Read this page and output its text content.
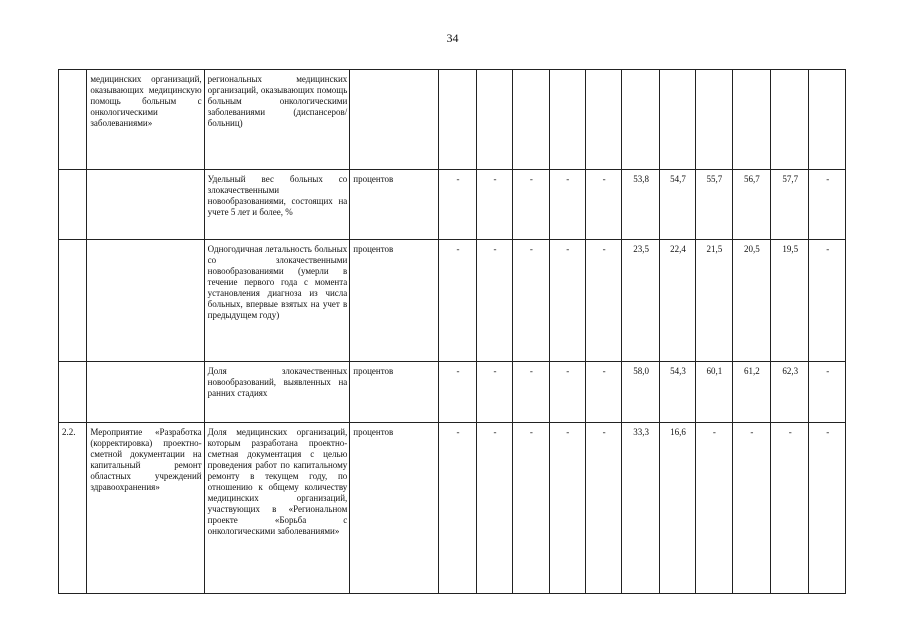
34
	медицинских организаций, оказывающих медицинскую помощь больным с онкологическими заболеваниями»	региональных медицинских организаций, оказывающих помощь больным онкологическими заболеваниями (диспансеров/больниц)												
		Удельный вес больных со злокачественными новообразованиями, состоящих на учете 5 лет и более, %	процентов	-	-	-	-	-	53,8	54,7	55,7	56,7	57,7	-
		Одногодичная летальность больных со злокачественными новообразованиями (умерли в течение первого года с момента установления диагноза из числа больных, впервые взятых на учет в предыдущем году)	процентов	-	-	-	-	-	23,5	22,4	21,5	20,5	19,5	-
		Доля злокачественных новообразований, выявленных на ранних стадиях	процентов	-	-	-	-	-	58,0	54,3	60,1	61,2	62,3	-
2.2.	Мероприятие «Разработка (корректировка) проектно-сметной документации на капитальный ремонт областных учреждений здравоохранения»	Доля медицинских организаций, которым разработана проектно-сметная документация с целью проведения работ по капитальному ремонту в текущем году, по отношению к общему количеству медицинских организаций, участвующих в «Региональном проекте «Борьба с онкологическими заболеваниями»	процентов	-	-	-	-	-	33,3	16,6	-	-	-	-
